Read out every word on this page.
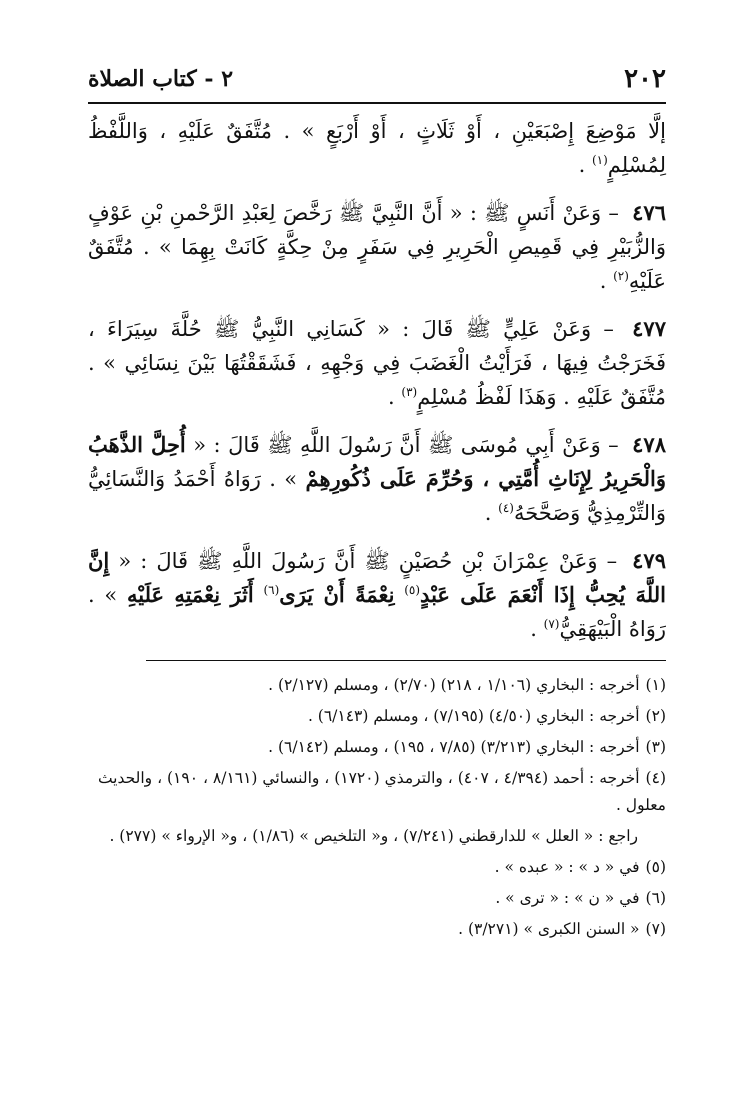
٢٠٢
٢ - كتاب الصلاة

إلَّا مَوْضِعَ إِصْبَعَيْنِ ، أَوْ ثَلَاثٍ ، أَوْ أَرْبَعٍ » . مُتَّفَقٌ عَلَيْهِ ، وَاللَّفْظُ لِمُسْلِمٍ$^{(١)}$ .

٤٧٦ – وَعَنْ أَنَسٍ ﷺ : « أَنَّ النَّبِيَّ ﷺ رَخَّصَ لِعَبْدِ الرَّحْمنِ بْنِ عَوْفٍ وَالزُّبَيْرِ فِي قَمِيصِ الْحَرِيرِ فِي سَفَرٍ مِنْ حِكَّةٍ كَانَتْ بِهِمَا » . مُتَّفَقٌ عَلَيْهِ$^{(٢)}$ .

٤٧٧ – وَعَنْ عَلِيٍّ ﷺ قَالَ : « كَسَانِي النَّبِيُّ ﷺ حُلَّةَ سِيَرَاءَ ، فَخَرَجْتُ فِيهَا ، فَرَأَيْتُ الْغَضَبَ فِي وَجْهِهِ ، فَشَقَقْتُهَا بَيْنَ نِسَائِي » . مُتَّفَقٌ عَلَيْهِ . وَهَذَا لَفْظُ مُسْلِمٍ$^{(٣)}$ .

٤٧٨ – وَعَنْ أَبِي مُوسَى ﷺ أَنَّ رَسُولَ اللَّهِ ﷺ قَالَ : « أُحِلَّ الذَّهَبُ وَالْحَرِيرُ لِإِنَاثِ أُمَّتِي ، وَحُرِّمَ عَلَى ذُكُورِهِمْ » . رَوَاهُ أَحْمَدُ وَالنَّسَائِيُّ وَالتِّرْمِذِيُّ وَصَحَّحَهُ$^{(٤)}$ .

٤٧٩ – وَعَنْ عِمْرَانَ بْنِ حُصَيْنٍ ﷺ أَنَّ رَسُولَ اللَّهِ ﷺ قَالَ : « إِنَّ اللَّهَ يُحِبُّ إِذَا أَنْعَمَ عَلَى عَبْدٍ$^{(٥)}$ نِعْمَةً أَنْ يَرَى$^{(٦)}$ أَثَرَ نِعْمَتِهِ عَلَيْهِ » . رَوَاهُ الْبَيْهَقِيُّ$^{(٧)}$ .

(١)أخرجه : البخاري (١/١٠٦ ، ٢١٨) (٢/٧٠) ، ومسلم (٢/١٢٧) .
(٢)أخرجه : البخاري (٤/٥٠) (٧/١٩٥) ، ومسلم (٦/١٤٣) .
(٣)أخرجه : البخاري (٣/٢١٣) (٧/٨٥ ، ١٩٥) ، ومسلم (٦/١٤٢) .
(٤)أخرجه : أحمد (٤/٣٩٤ ، ٤٠٧) ، والترمذي (١٧٢٠) ، والنسائي (٨/١٦١ ، ١٩٠) ، والحديث معلول .
راجع : « العلل » للدارقطني (٧/٢٤١) ، و« التلخيص » (١/٨٦) ، و« الإرواء » (٢٧٧) .
(٥)في « د » : « عبده » .
(٦)في « ن » : « ترى » .
(٧)« السنن الكبرى » (٣/٢٧١) .
